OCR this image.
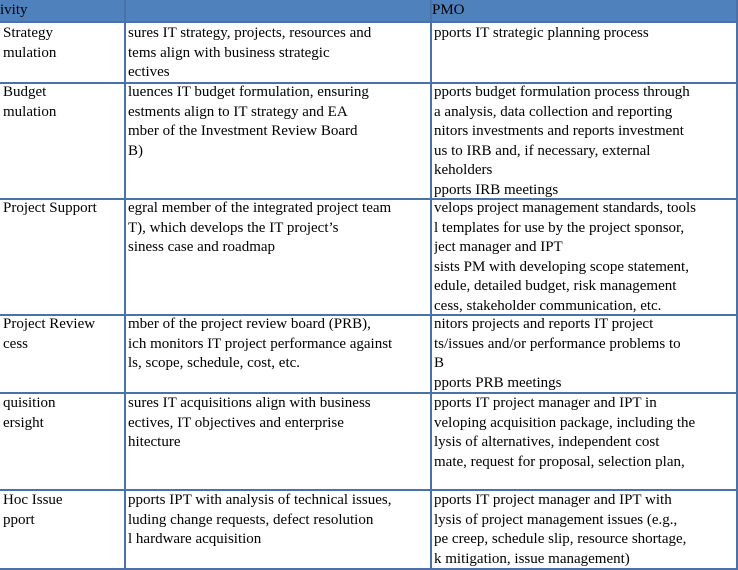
ivity	PMO
Strategy
mulation
sures IT strategy, projects, resources and
tems align with business strategic
ectives
pports IT strategic planning process
Budget
mulation
luences IT budget formulation, ensuring
estments align to IT strategy and EA
mber of the Investment Review Board
B)
pports budget formulation process through
a analysis, data collection and reporting
nitors investments and reports investment
us to IRB and, if necessary, external
keholders
pports IRB meetings
Project Support	egral member of the integrated project team
T), which develops the IT project’s
siness case and roadmap
velops project management standards, tools
l templates for use by the project sponsor,
ject manager and IPT
sists PM with developing scope statement,
edule, detailed budget, risk management
cess, stakeholder communication, etc.
Project Review
cess
mber of the project review board (PRB),
ich monitors IT project performance against
ls, scope, schedule, cost, etc.
nitors projects and reports IT project
ts/issues and/or performance problems to
B
pports PRB meetings
quisition
ersight
sures IT acquisitions align with business
ectives, IT objectives and enterprise
hitecture
pports IT project manager and IPT in
veloping acquisition package, including the
lysis of alternatives, independent cost
mate, request for proposal, selection plan,
Hoc Issue
pport
pports IPT with analysis of technical issues,
luding change requests, defect resolution
l hardware acquisition
pports IT project manager and IPT with
lysis of project management issues (e.g.,
pe creep, schedule slip, resource shortage,
k mitigation, issue management)
